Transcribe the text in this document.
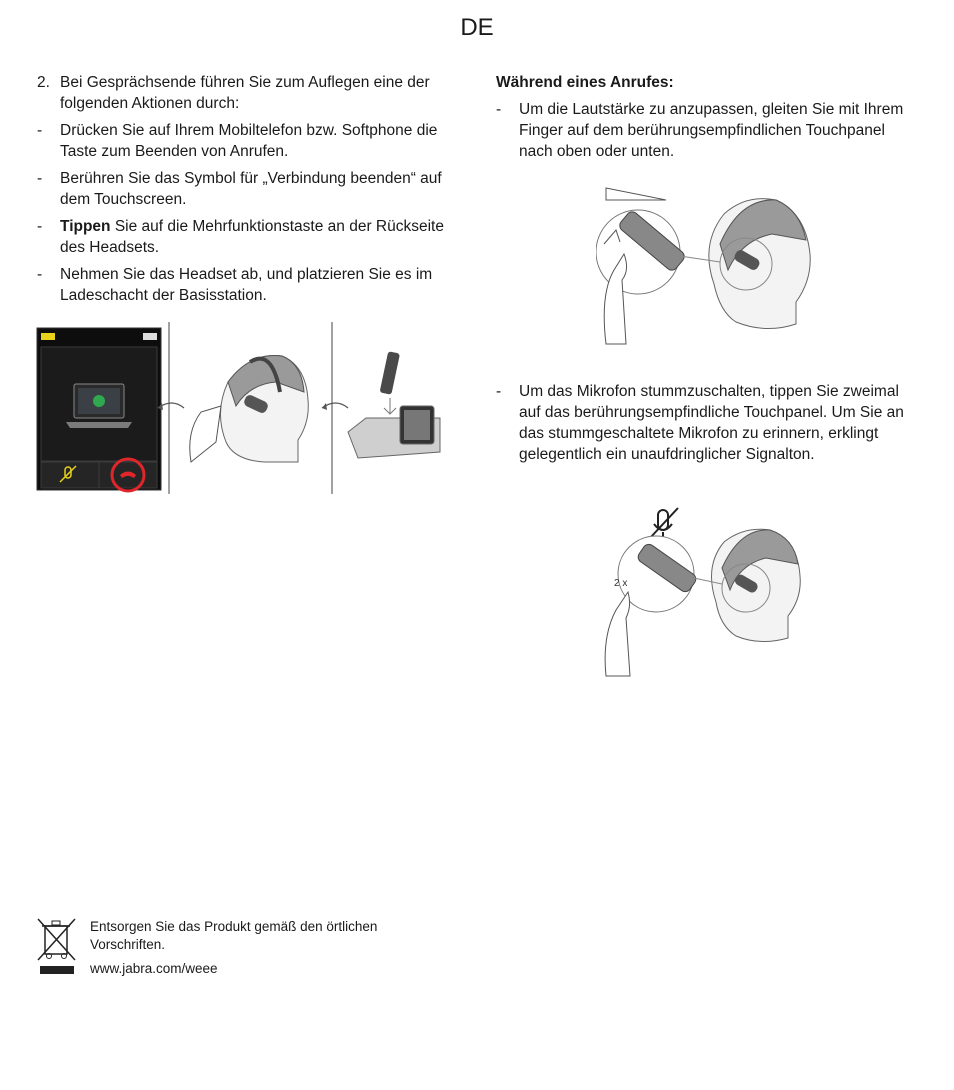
DE
2. Bei Gesprächsende führen Sie zum Auflegen eine der folgenden Aktionen durch:
-	Drücken Sie auf Ihrem Mobiltelefon bzw. Softphone die Taste zum Beenden von Anrufen.
-	Berühren Sie das Symbol für „Verbindung beenden“ auf dem Touchscreen.
-	Tippen Sie auf die Mehrfunktionstaste an der Rückseite des Headsets.
-	Nehmen Sie das Headset ab, und platzieren Sie es im Ladeschacht der Basisstation.
Während eines Anrufes:
-	Um die Lautstärke zu anzupassen, gleiten Sie mit Ihrem Finger auf dem berührungsempfindlichen Touchpanel nach oben oder unten.
-	Um das Mikrofon stummzuschalten, tippen Sie zweimal auf das berührungsempfindliche Touchpanel. Um Sie an das stummgeschaltete Mikrofon zu erinnern, erklingt gelegentlich ein unaufdringlicher Signalton.
2 x
Entsorgen Sie das Produkt gemäß den örtlichen Vorschriften.
www.jabra.com/weee
